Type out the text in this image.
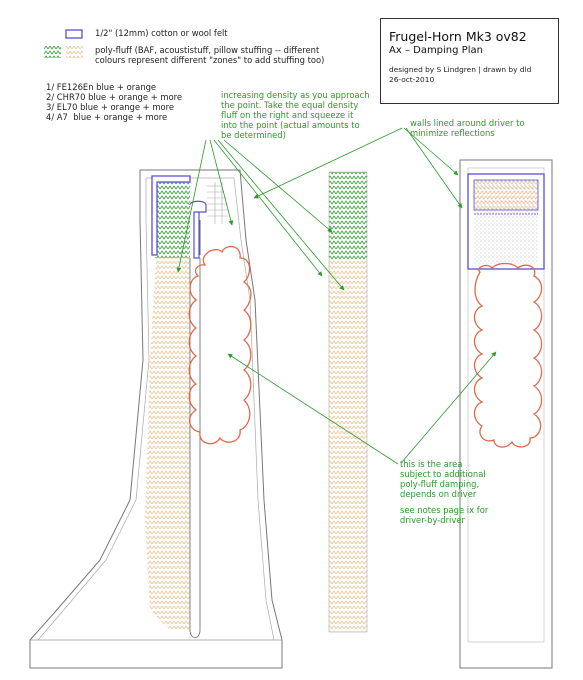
1/2" (12mm) cotton or wool felt
poly-fluff (BAF, acoustistuff, pillow stuffing -- different
colours represent different "zones" to add stuffing too)
1/ FE126En blue + orange
2/ CHR70 blue + orange + more
3/ EL70 blue + orange + more
4/ A7  blue + orange + more
Frugel-Horn Mk3 ov82
Ax – Damping Plan
designed by S Lindgren | drawn by dld
26-oct-2010
increasing density as you approach
the point. Take the equal density
fluff on the right and squeeze it
into the point (actual amounts to
be determined)
walls lined around driver to
minimize reflections
this is the area
subject to additional
poly-fluff damping,
depends on driver
see notes page ix for
driver-by-driver
